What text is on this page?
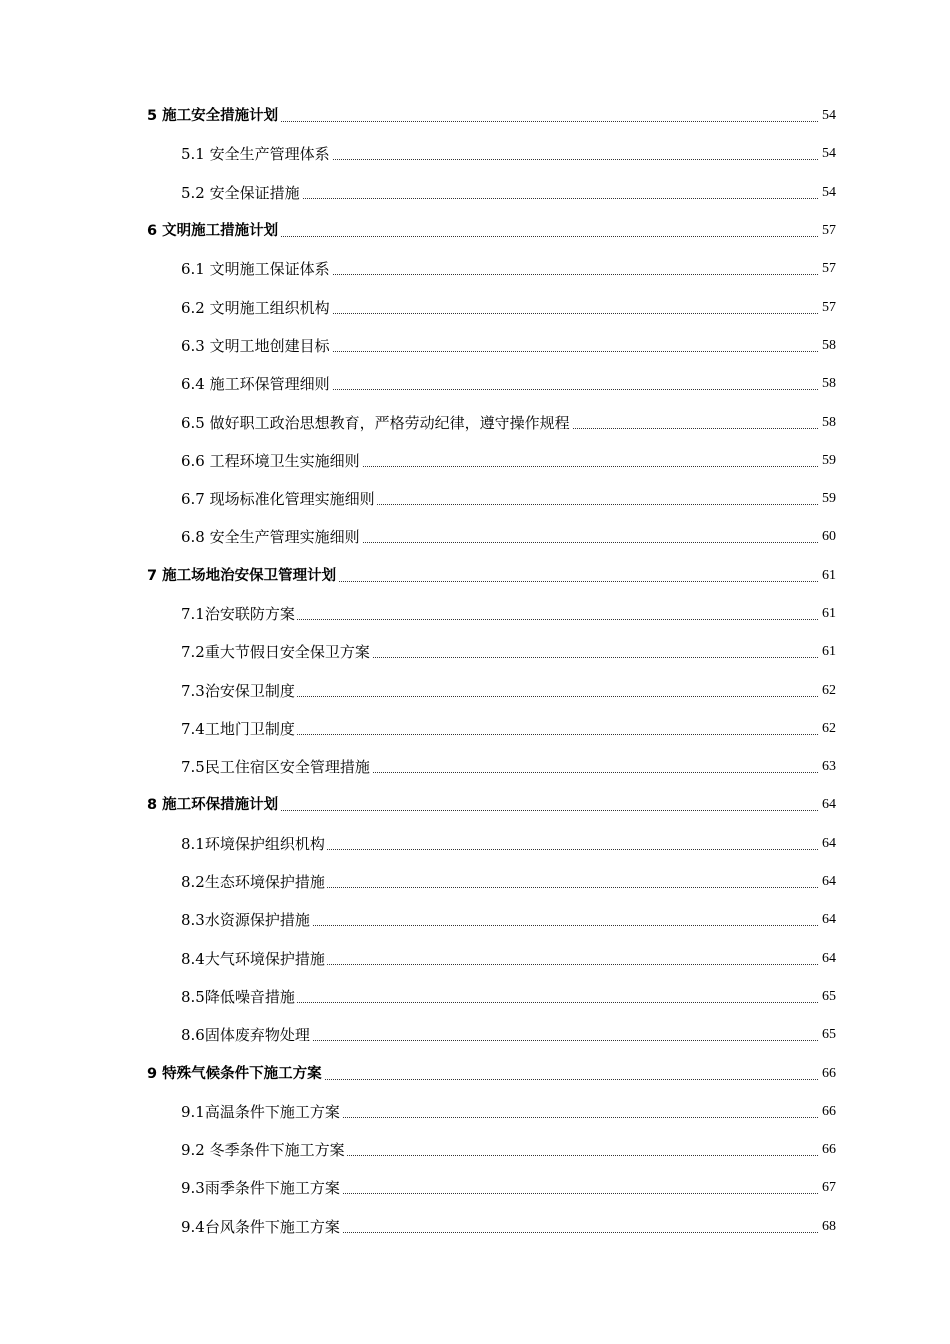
5 施工安全措施计划	54
5.1 安全生产管理体系	54
5.2 安全保证措施	54
6 文明施工措施计划	57
6.1 文明施工保证体系	57
6.2 文明施工组织机构	57
6.3 文明工地创建目标	58
6.4 施工环保管理细则	58
6.5 做好职工政治思想教育，严格劳动纪律，遵守操作规程	58
6.6 工程环境卫生实施细则	59
6.7 现场标准化管理实施细则	59
6.8 安全生产管理实施细则	60
7 施工场地治安保卫管理计划	61
7.1治安联防方案	61
7.2重大节假日安全保卫方案	61
7.3治安保卫制度	62
7.4工地门卫制度	62
7.5民工住宿区安全管理措施	63
8 施工环保措施计划	64
8.1环境保护组织机构	64
8.2生态环境保护措施	64
8.3水资源保护措施	64
8.4大气环境保护措施	64
8.5降低噪音措施	65
8.6固体废弃物处理	65
9 特殊气候条件下施工方案	66
9.1高温条件下施工方案	66
9.2 冬季条件下施工方案	66
9.3雨季条件下施工方案	67
9.4台风条件下施工方案	68
